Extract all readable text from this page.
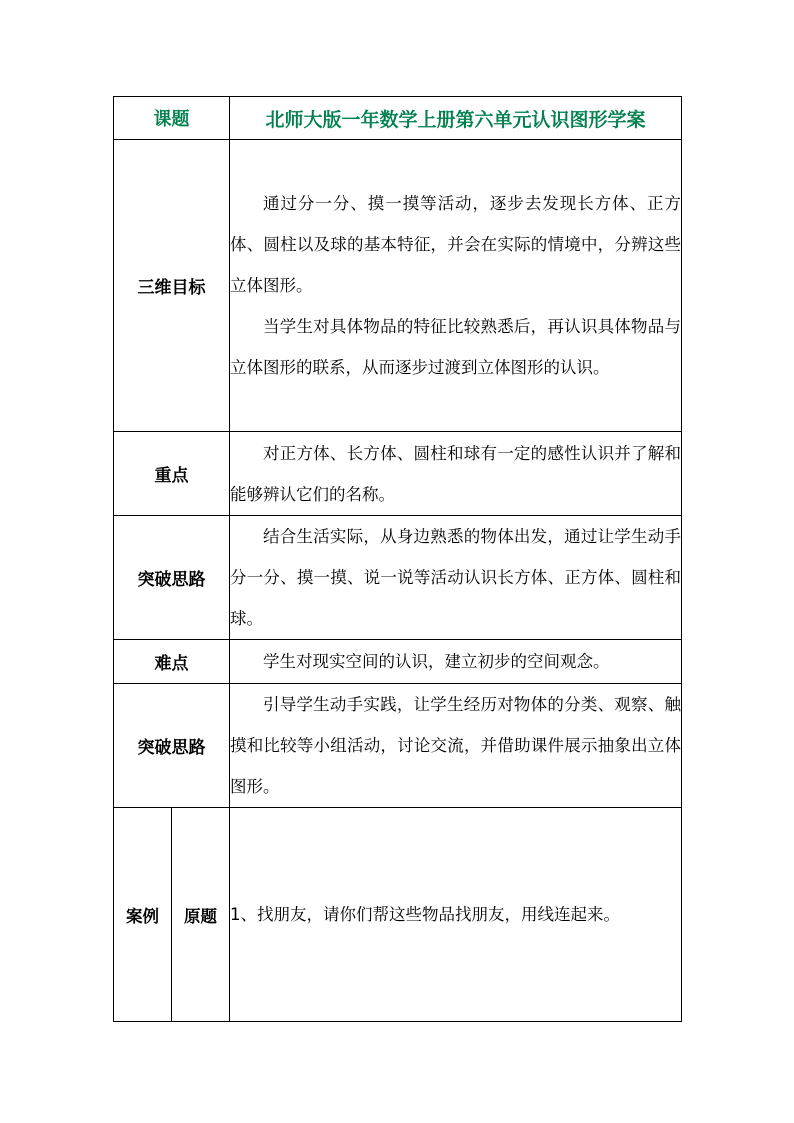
课题		北师大版一年数学上册第六单元认识图形学案
三维目标		通过分一分、摸一摸等活动，逐步去发现长方体、正方体、圆柱以及球的基本特征，并会在实际的情境中，分辨这些立体图形。

当学生对具体物品的特征比较熟悉后，再认识具体物品与立体图形的联系，从而逐步过渡到立体图形的认识。

重点		对正方体、长方体、圆柱和球有一定的感性认识并了解和能够辨认它们的名称。

突破思路		结合生活实际，从身边熟悉的物体出发，通过让学生动手分一分、摸一摸、说一说等活动认识长方体、正方体、圆柱和球。

难点		学生对现实空间的认识，建立初步的空间观念。

突破思路		引导学生动手实践，让学生经历对物体的分类、观察、触摸和比较等小组活动，讨论交流，并借助课件展示抽象出立体图形。

案例	原题	1、找朋友，请你们帮这些物品找朋友，用线连起来。
